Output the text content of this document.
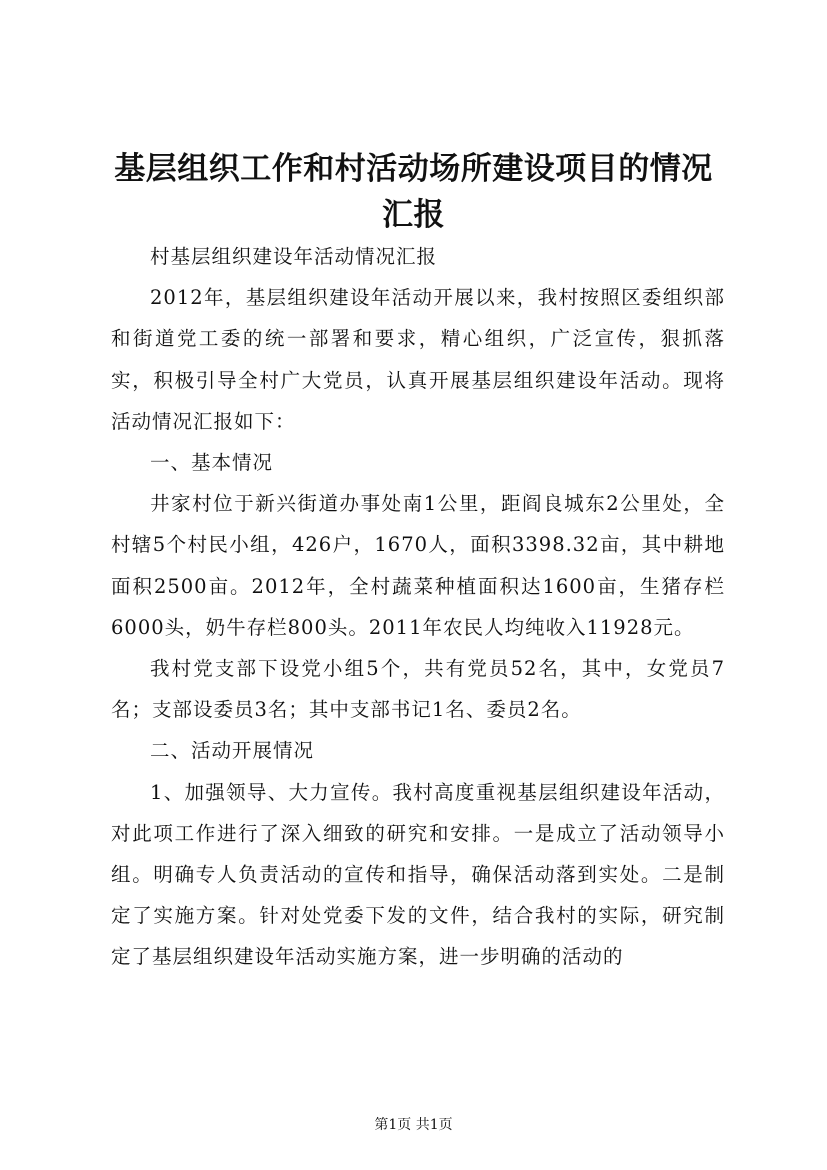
基层组织工作和村活动场所建设项目的情况汇报

村基层组织建设年活动情况汇报

2012年，基层组织建设年活动开展以来，我村按照区委组织部和街道党工委的统一部署和要求，精心组织，广泛宣传，狠抓落实，积极引导全村广大党员，认真开展基层组织建设年活动。现将活动情况汇报如下：

一、基本情况

井家村位于新兴街道办事处南1公里，距阎良城东2公里处，全村辖5个村民小组，426户，1670人，面积3398.32亩，其中耕地面积2500亩。2012年，全村蔬菜种植面积达1600亩，生猪存栏6000头，奶牛存栏800头。2011年农民人均纯收入11928元。

我村党支部下设党小组5个，共有党员52名，其中，女党员7名；支部设委员3名；其中支部书记1名、委员2名。

二、活动开展情况

1、加强领导、大力宣传。我村高度重视基层组织建设年活动，对此项工作进行了深入细致的研究和安排。一是成立了活动领导小组。明确专人负责活动的宣传和指导，确保活动落到实处。二是制定了实施方案。针对处党委下发的文件，结合我村的实际，研究制定了基层组织建设年活动实施方案，进一步明确的活动的

第1页 共1页
